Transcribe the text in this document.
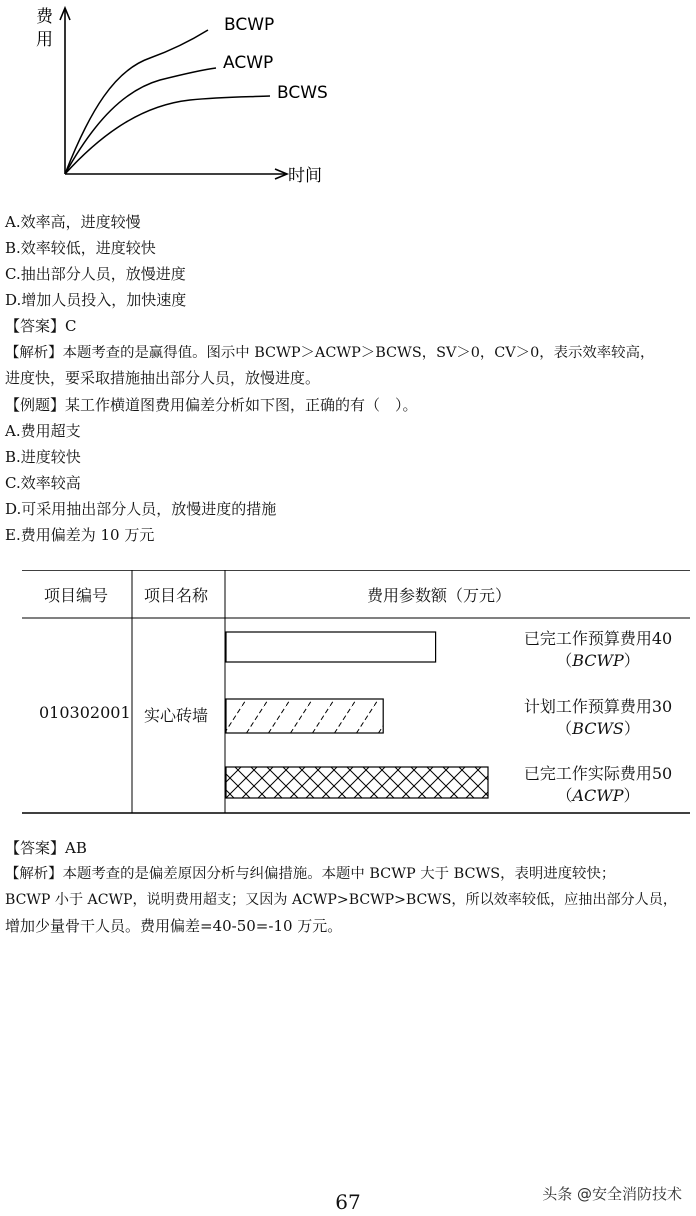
费
用
时间
BCWP
ACWP
BCWS
A.效率高，进度较慢
B.效率较低，进度较快
C.抽出部分人员，放慢进度
D.增加人员投入，加快速度
【答案】C
【解析】本题考查的是赢得值。图示中 BCWP＞ACWP＞BCWS，SV＞0，CV＞0，表示效率较高，
进度快，要采取措施抽出部分人员，放慢进度。
【例题】某工作横道图费用偏差分析如下图，正确的有（　）。
A.费用超支
B.进度较快
C.效率较高
D.可采用抽出部分人员，放慢进度的措施
E.费用偏差为 10 万元
项目编号 项目名称	费用参数额（万元）
010302001 实心砖墙
已完工作预算费用40
（BCWP）
计划工作预算费用30
（BCWS）
已完工作实际费用50
（ACWP）
【答案】AB
【解析】本题考查的是偏差原因分析与纠偏措施。本题中 BCWP 大于 BCWS，表明进度较快；
BCWP 小于 ACWP，说明费用超支；又因为 ACWP>BCWP>BCWS，所以效率较低，应抽出部分人员，
增加少量骨干人员。费用偏差=40-50=-10 万元。
67	头条 @安全消防技术
